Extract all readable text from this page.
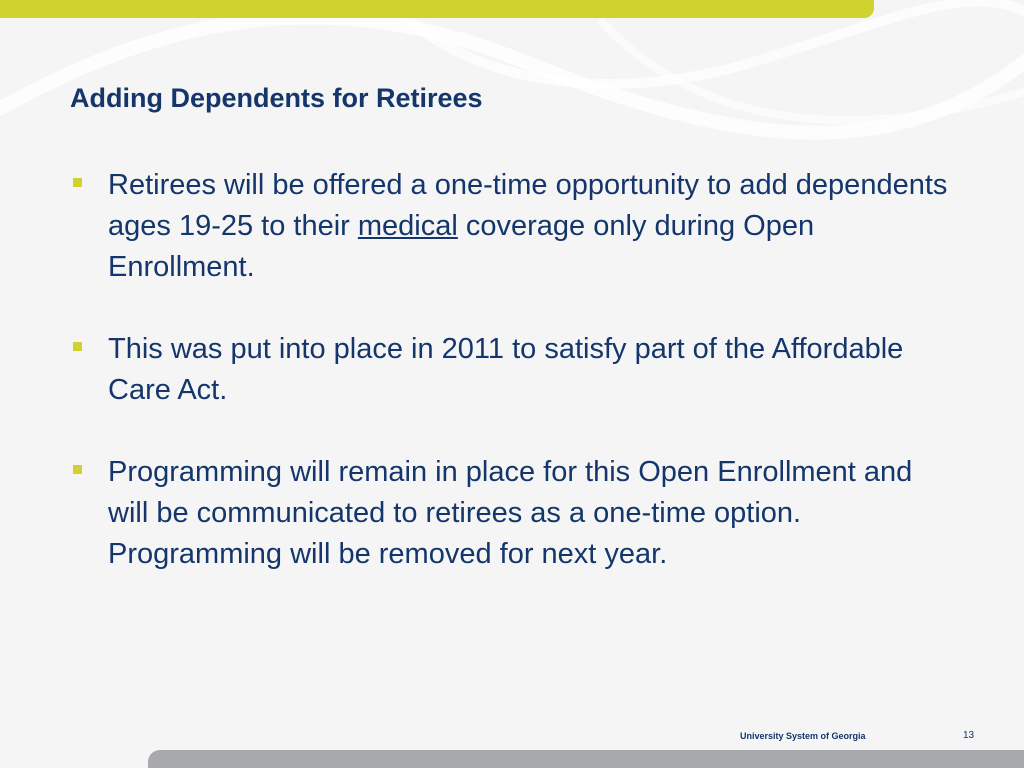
Adding Dependents for Retirees
Retirees will be offered a one-time opportunity to add dependents ages 19-25 to their medical coverage only during Open Enrollment.
This was put into place in 2011 to satisfy part of the Affordable Care Act.
Programming will remain in place for this Open Enrollment and will be communicated to retirees as a one-time option.  Programming will be removed for next year.
University System of Georgia	13
